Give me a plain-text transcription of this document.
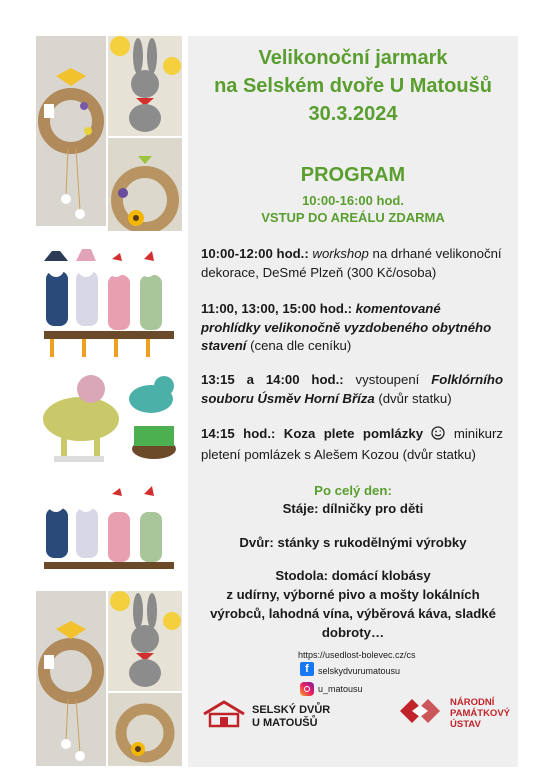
Velikonoční jarmark
na Selském dvoře U Matoušů
30.3.2024
PROGRAM
10:00-16:00 hod.
VSTUP DO AREÁLU ZDARMA
10:00-12:00 hod.: workshop na drhané velikonoční dekorace, DeSmé Plzeň (300 Kč/osoba)
11:00, 13:00, 15:00 hod.: komentované prohlídky velikonočně vyzdobeného obytného stavení (cena dle ceníku)
13:15 a 14:00 hod.: vystoupení Folklórního souboru Úsměv Horní Bříza (dvůr statku)
14:15 hod.: Koza plete pomlázky  minikurz pletení pomlázek s Alešem Kozou (dvůr statku)
Po celý den:
Stáje: dílničky pro děti
Dvůr: stánky s rukodělnými výrobky
Stodola: domácí klobásy
z udírny, výborné pivo a mošty lokálních
výrobců, lahodná vína, výběrová káva, sladké
dobroty…
https://usedlost-bolevec.cz/cs
f	selskydvurumatousu
u_matousu
SELSKÝ DVŮR
U MATOUŠŮ
NÁRODNÍ
PAMÁTKOVÝ
ÚSTAV
